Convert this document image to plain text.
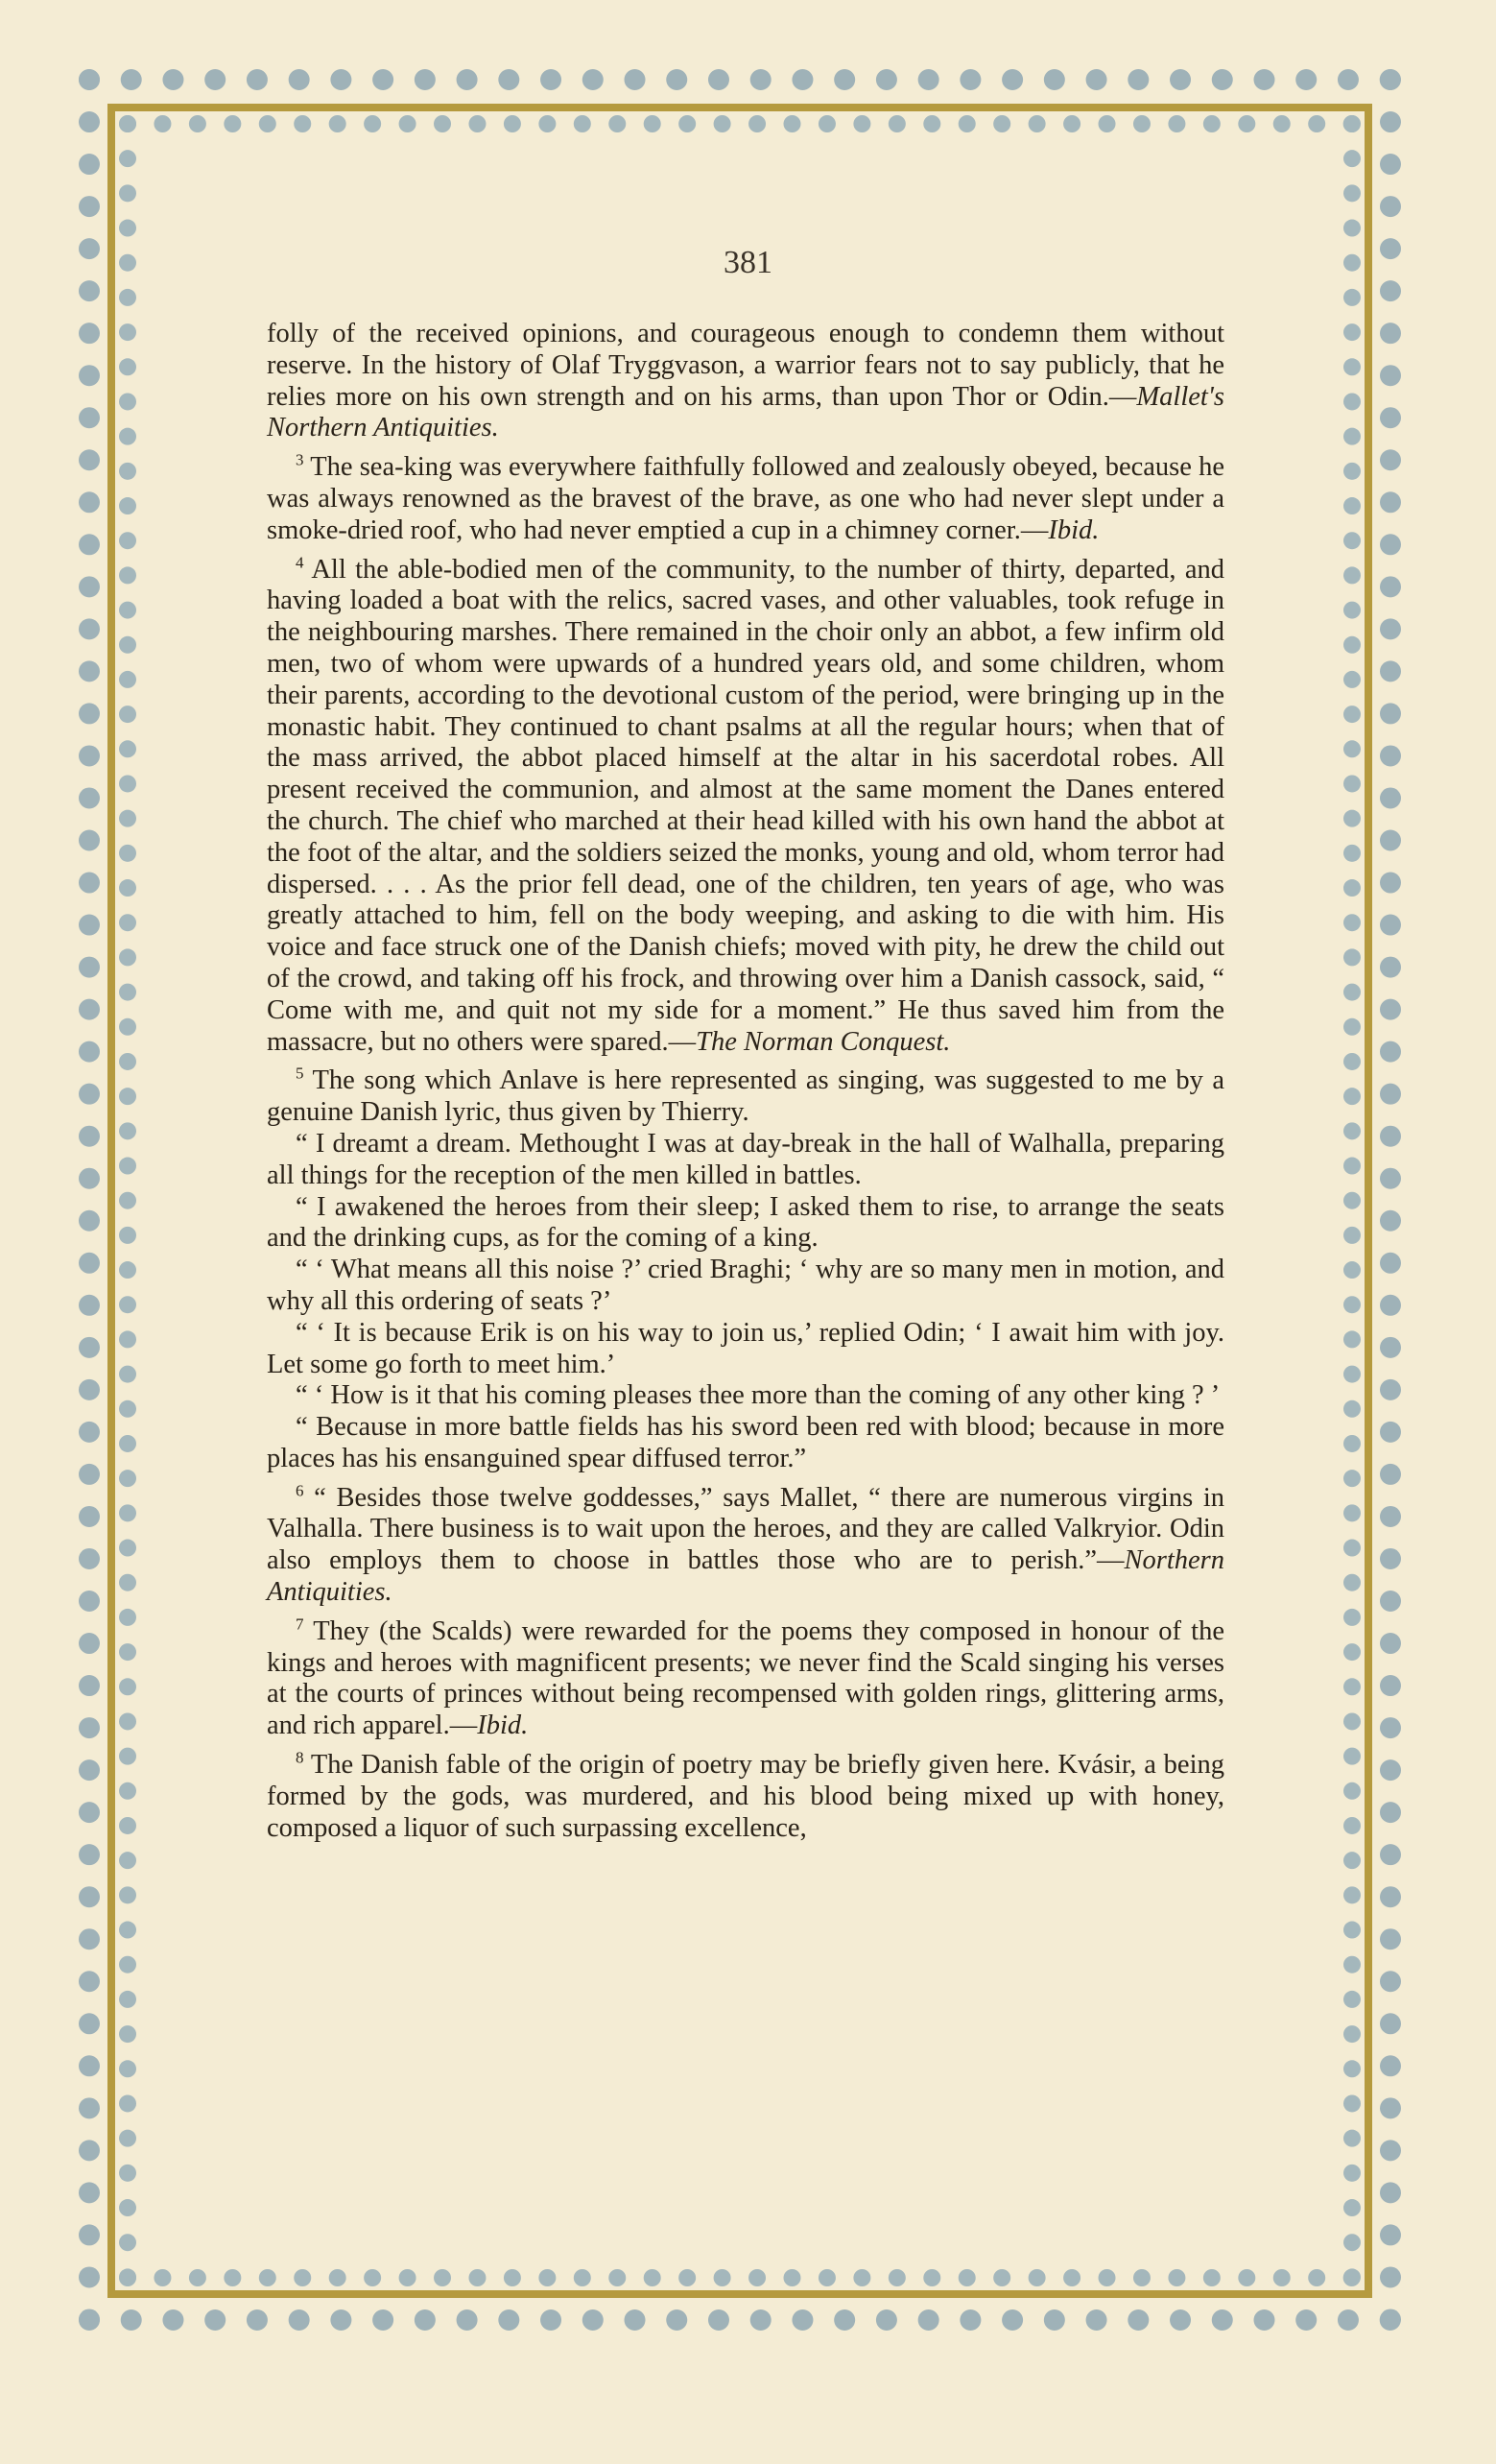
381

folly of the received opinions, and courageous enough to condemn them without reserve. In the history of Olaf Tryggvason, a warrior fears not to say publicly, that he relies more on his own strength and on his arms, than upon Thor or Odin.—Mallet's Northern Antiquities.

$^3$ The sea-king was everywhere faithfully followed and zealously obeyed, because he was always renowned as the bravest of the brave, as one who had never slept under a smoke-dried roof, who had never emptied a cup in a chimney corner.—Ibid.

$^4$ All the able-bodied men of the community, to the number of thirty, departed, and having loaded a boat with the relics, sacred vases, and other valuables, took refuge in the neighbouring marshes. There remained in the choir only an abbot, a few infirm old men, two of whom were upwards of a hundred years old, and some children, whom their parents, according to the devotional custom of the period, were bringing up in the monastic habit. They continued to chant psalms at all the regular hours; when that of the mass arrived, the abbot placed himself at the altar in his sacerdotal robes. All present received the communion, and almost at the same moment the Danes entered the church. The chief who marched at their head killed with his own hand the abbot at the foot of the altar, and the soldiers seized the monks, young and old, whom terror had dispersed. . . . As the prior fell dead, one of the children, ten years of age, who was greatly attached to him, fell on the body weeping, and asking to die with him. His voice and face struck one of the Danish chiefs; moved with pity, he drew the child out of the crowd, and taking off his frock, and throwing over him a Danish cassock, said, “ Come with me, and quit not my side for a moment.” He thus saved him from the massacre, but no others were spared.—The Norman Conquest.

$^5$ The song which Anlave is here represented as singing, was suggested to me by a genuine Danish lyric, thus given by Thierry.

“ I dreamt a dream. Methought I was at day-break in the hall of Walhalla, preparing all things for the reception of the men killed in battles.

“ I awakened the heroes from their sleep; I asked them to rise, to arrange the seats and the drinking cups, as for the coming of a king.

“ ‘ What means all this noise ?’ cried Braghi; ‘ why are so many men in motion, and why all this ordering of seats ?’

“ ‘ It is because Erik is on his way to join us,’ replied Odin; ‘ I await him with joy. Let some go forth to meet him.’

“ ‘ How is it that his coming pleases thee more than the coming of any other king ? ’

“ Because in more battle fields has his sword been red with blood; because in more places has his ensanguined spear diffused terror.”

$^6$ “ Besides those twelve goddesses,” says Mallet, “ there are numerous virgins in Valhalla. There business is to wait upon the heroes, and they are called Valkryior. Odin also employs them to choose in battles those who are to perish.”—Northern Antiquities.

$^7$ They (the Scalds) were rewarded for the poems they composed in honour of the kings and heroes with magnificent presents; we never find the Scald singing his verses at the courts of princes without being recompensed with golden rings, glittering arms, and rich apparel.—Ibid.

$^8$ The Danish fable of the origin of poetry may be briefly given here. Kvásir, a being formed by the gods, was murdered, and his blood being mixed up with honey, composed a liquor of such surpassing excellence,
